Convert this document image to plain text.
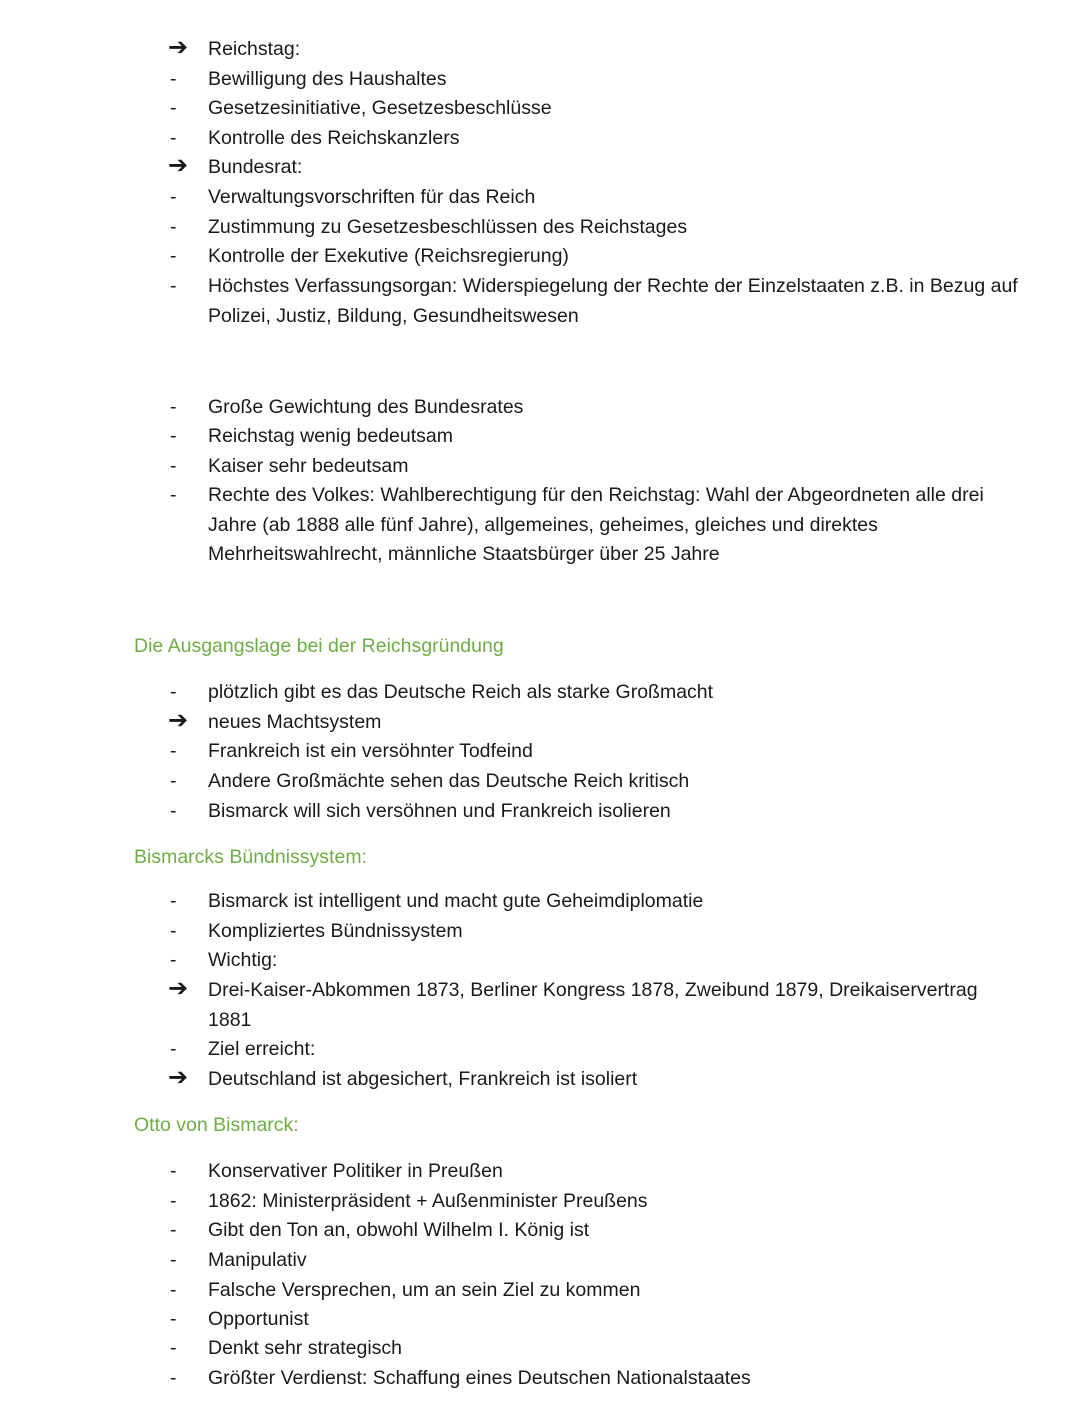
➔	Reichstag:
-	Bewilligung des Haushaltes
-	Gesetzesinitiative, Gesetzesbeschlüsse
-	Kontrolle des Reichskanzlers
➔	Bundesrat:
-	Verwaltungsvorschriften für das Reich
-	Zustimmung zu Gesetzesbeschlüssen des Reichstages
-	Kontrolle der Exekutive (Reichsregierung)
-	Höchstes Verfassungsorgan: Widerspiegelung der Rechte der Einzelstaaten z.B. in Bezug auf
Polizei, Justiz, Bildung, Gesundheitswesen
-	Große Gewichtung des Bundesrates
-	Reichstag wenig bedeutsam
-	Kaiser sehr bedeutsam
-	Rechte des Volkes: Wahlberechtigung für den Reichstag: Wahl der Abgeordneten alle drei
Jahre (ab 1888 alle fünf Jahre), allgemeines, geheimes, gleiches und direktes
Mehrheitswahlrecht, männliche Staatsbürger über 25 Jahre
Die Ausgangslage bei der Reichsgründung
-	plötzlich gibt es das Deutsche Reich als starke Großmacht
➔	neues Machtsystem
-	Frankreich ist ein versöhnter Todfeind
-	Andere Großmächte sehen das Deutsche Reich kritisch
-	Bismarck will sich versöhnen und Frankreich isolieren
Bismarcks Bündnissystem:
-	Bismarck ist intelligent und macht gute Geheimdiplomatie
-	Kompliziertes Bündnissystem
-	Wichtig:
➔	Drei-Kaiser-Abkommen 1873, Berliner Kongress 1878, Zweibund 1879, Dreikaiservertrag
1881
-	Ziel erreicht:
➔	Deutschland ist abgesichert, Frankreich ist isoliert
Otto von Bismarck:
-	Konservativer Politiker in Preußen
-	1862: Ministerpräsident + Außenminister Preußens
-	Gibt den Ton an, obwohl Wilhelm I. König ist
-	Manipulativ
-	Falsche Versprechen, um an sein Ziel zu kommen
-	Opportunist
-	Denkt sehr strategisch
-	Größter Verdienst: Schaffung eines Deutschen Nationalstaates
